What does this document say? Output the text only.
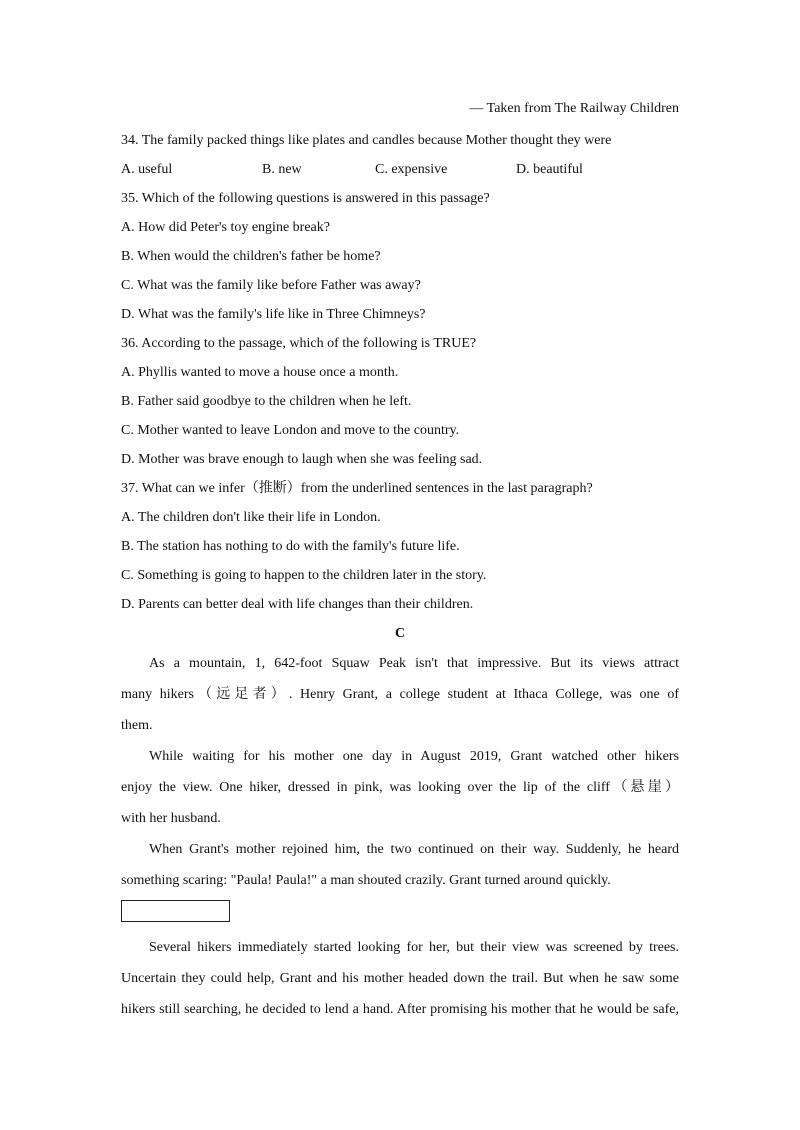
— Taken from The Railway Children
34. The family packed things like plates and candles because Mother thought they were
A. useful	B. new	C. expensive	D. beautiful
35. Which of the following questions is answered in this passage?
A. How did Peter's toy engine break?
B. When would the children's father be home?
C. What was the family like before Father was away?
D. What was the family's life like in Three Chimneys?
36. According to the passage, which of the following is TRUE?
A. Phyllis wanted to move a house once a month.
B. Father said goodbye to the children when he left.
C. Mother wanted to leave London and move to the country.
D. Mother was brave enough to laugh when she was feeling sad.
37. What can we infer（推断）from the underlined sentences in the last paragraph?
A. The children don't like their life in London.
B. The station has nothing to do with the family's future life.
C. Something is going to happen to the children later in the story.
D. Parents can better deal with life changes than their children.
C
As a mountain, 1, 642-foot Squaw Peak isn't that impressive. But its views attract
many hikers（远足者）. Henry Grant, a college student at Ithaca College, was one of
them.
While waiting for his mother one day in August 2019, Grant watched other hikers
enjoy the view. One hiker, dressed in pink, was looking over the lip of the cliff（悬崖）
with her husband.
When Grant's mother rejoined him, the two continued on their way. Suddenly, he heard
something scaring: "Paula! Paula!" a man shouted crazily. Grant turned around quickly.
Several hikers immediately started looking for her, but their view was screened by trees.
Uncertain they could help, Grant and his mother headed down the trail. But when he saw some
hikers still searching, he decided to lend a hand. After promising his mother that he would be safe,
